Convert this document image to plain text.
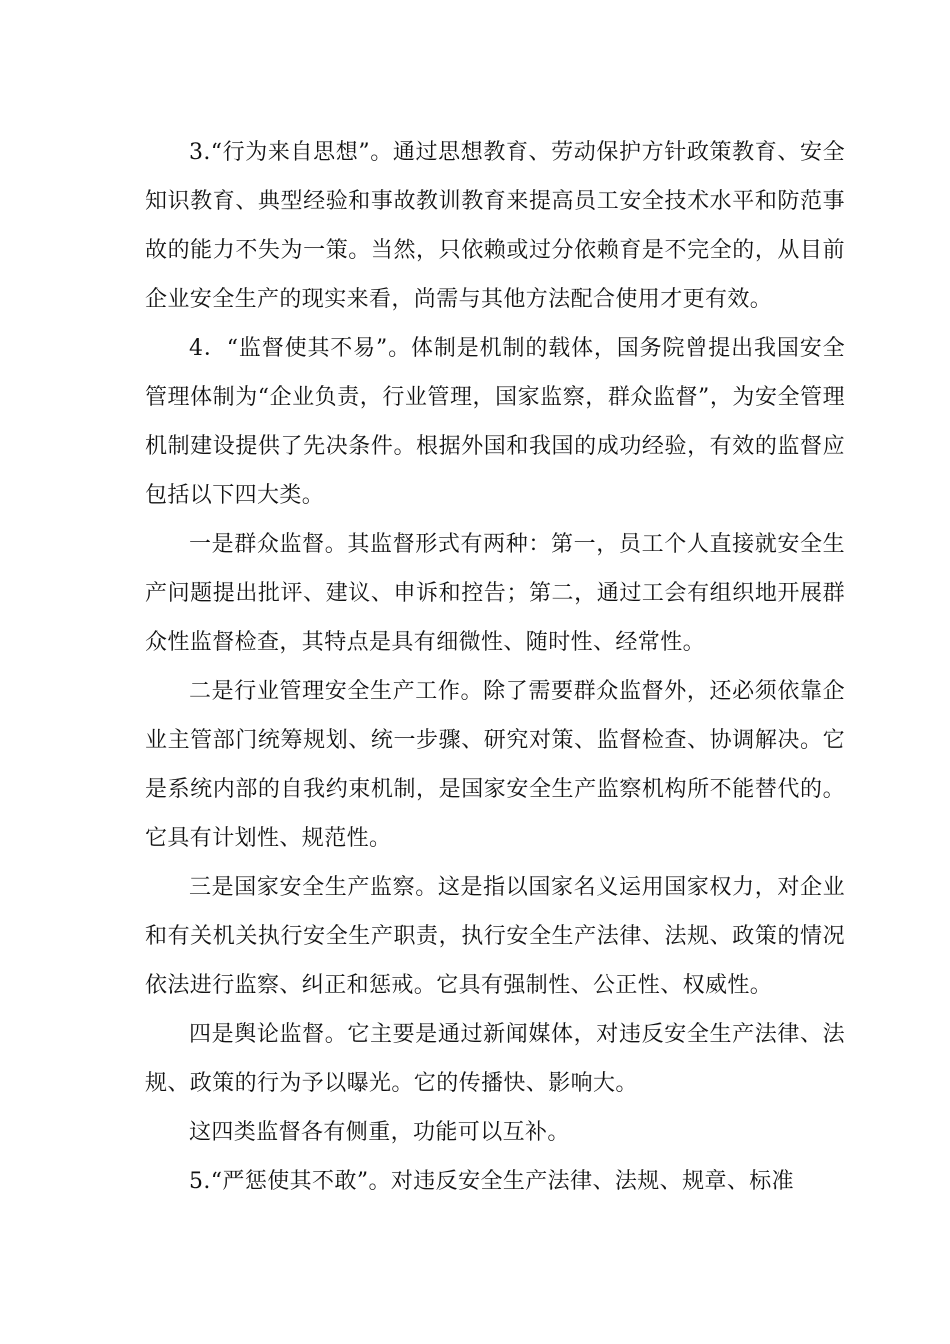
3.“行为来自思想”。通过思想教育、劳动保护方针政策教育、安全知识教育、典型经验和事故教训教育来提高员工安全技术水平和防范事故的能力不失为一策。当然，只依赖或过分依赖育是不完全的，从目前企业安全生产的现实来看，尚需与其他方法配合使用才更有效。

4．“监督使其不易”。体制是机制的载体，国务院曾提出我国安全管理体制为“企业负责，行业管理，国家监察，群众监督”，为安全管理机制建设提供了先决条件。根据外国和我国的成功经验，有效的监督应包括以下四大类。

一是群众监督。其监督形式有两种：第一，员工个人直接就安全生产问题提出批评、建议、申诉和控告；第二，通过工会有组织地开展群众性监督检查，其特点是具有细微性、随时性、经常性。

二是行业管理安全生产工作。除了需要群众监督外，还必须依靠企业主管部门统筹规划、统一步骤、研究对策、监督检查、协调解决。它是系统内部的自我约束机制，是国家安全生产监察机构所不能替代的。它具有计划性、规范性。

三是国家安全生产监察。这是指以国家名义运用国家权力，对企业和有关机关执行安全生产职责，执行安全生产法律、法规、政策的情况依法进行监察、纠正和惩戒。它具有强制性、公正性、权威性。

四是舆论监督。它主要是通过新闻媒体，对违反安全生产法律、法规、政策的行为予以曝光。它的传播快、影响大。

这四类监督各有侧重，功能可以互补。

5.“严惩使其不敢”。对违反安全生产法律、法规、规章、标准
